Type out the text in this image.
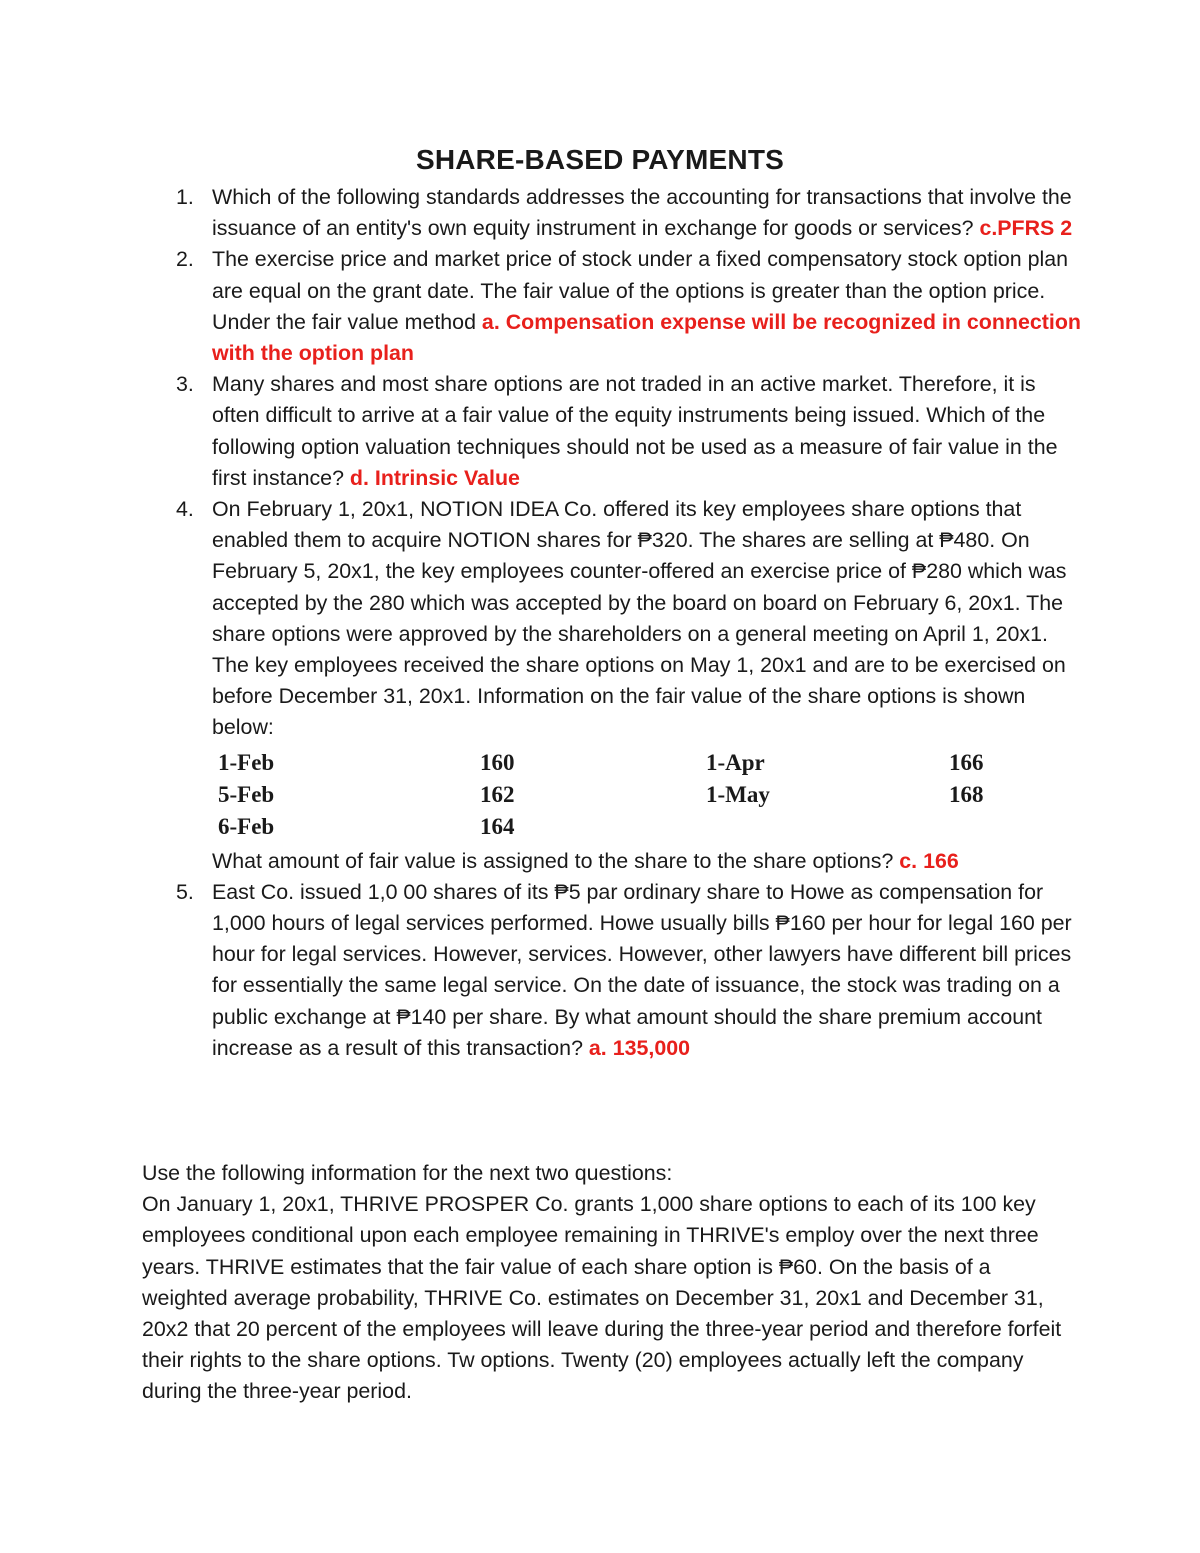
SHARE-BASED PAYMENTS
1. Which of the following standards addresses the accounting for transactions that involve the issuance of an entity's own equity instrument in exchange for goods or services? c.PFRS 2
2. The exercise price and market price of stock under a fixed compensatory stock option plan are equal on the grant date. The fair value of the options is greater than the option price. Under the fair value method a. Compensation expense will be recognized in connection with the option plan
3. Many shares and most share options are not traded in an active market. Therefore, it is often difficult to arrive at a fair value of the equity instruments being issued. Which of the following option valuation techniques should not be used as a measure of fair value in the first instance? d. Intrinsic Value
4. On February 1, 20x1, NOTION IDEA Co. offered its key employees share options that enabled them to acquire NOTION shares for ₱320. The shares are selling at ₱480. On February 5, 20x1, the key employees counter-offered an exercise price of ₱280 which was accepted by the 280 which was accepted by the board on board on February 6, 20x1. The share options were approved by the shareholders on a general meeting on April 1, 20x1. The key employees received the share options on May 1, 20x1 and are to be exercised on before December 31, 20x1. Information on the fair value of the share options is shown below:
1-Feb	160	1-Apr	166
5-Feb	162	1-May	168
6-Feb	164
What amount of fair value is assigned to the share to the share options? c. 166
5. East Co. issued 1,0 00 shares of its ₱5 par ordinary share to Howe as compensation for 1,000 hours of legal services performed. Howe usually bills ₱160 per hour for legal 160 per hour for legal services. However, services. However, other lawyers have different bill prices for essentially the same legal service. On the date of issuance, the stock was trading on a public exchange at ₱140 per share. By what amount should the share premium account increase as a result of this transaction? a. 135,000

Use the following information for the next two questions:

On January 1, 20x1, THRIVE PROSPER Co. grants 1,000 share options to each of its 100 key employees conditional upon each employee remaining in THRIVE's employ over the next three years. THRIVE estimates that the fair value of each share option is ₱60. On the basis of a weighted average probability, THRIVE Co. estimates on December 31, 20x1 and December 31, 20x2 that 20 percent of the employees will leave during the three-year period and therefore forfeit their rights to the share options. Tw options. Twenty (20) employees actually left the company during the three-year period.
